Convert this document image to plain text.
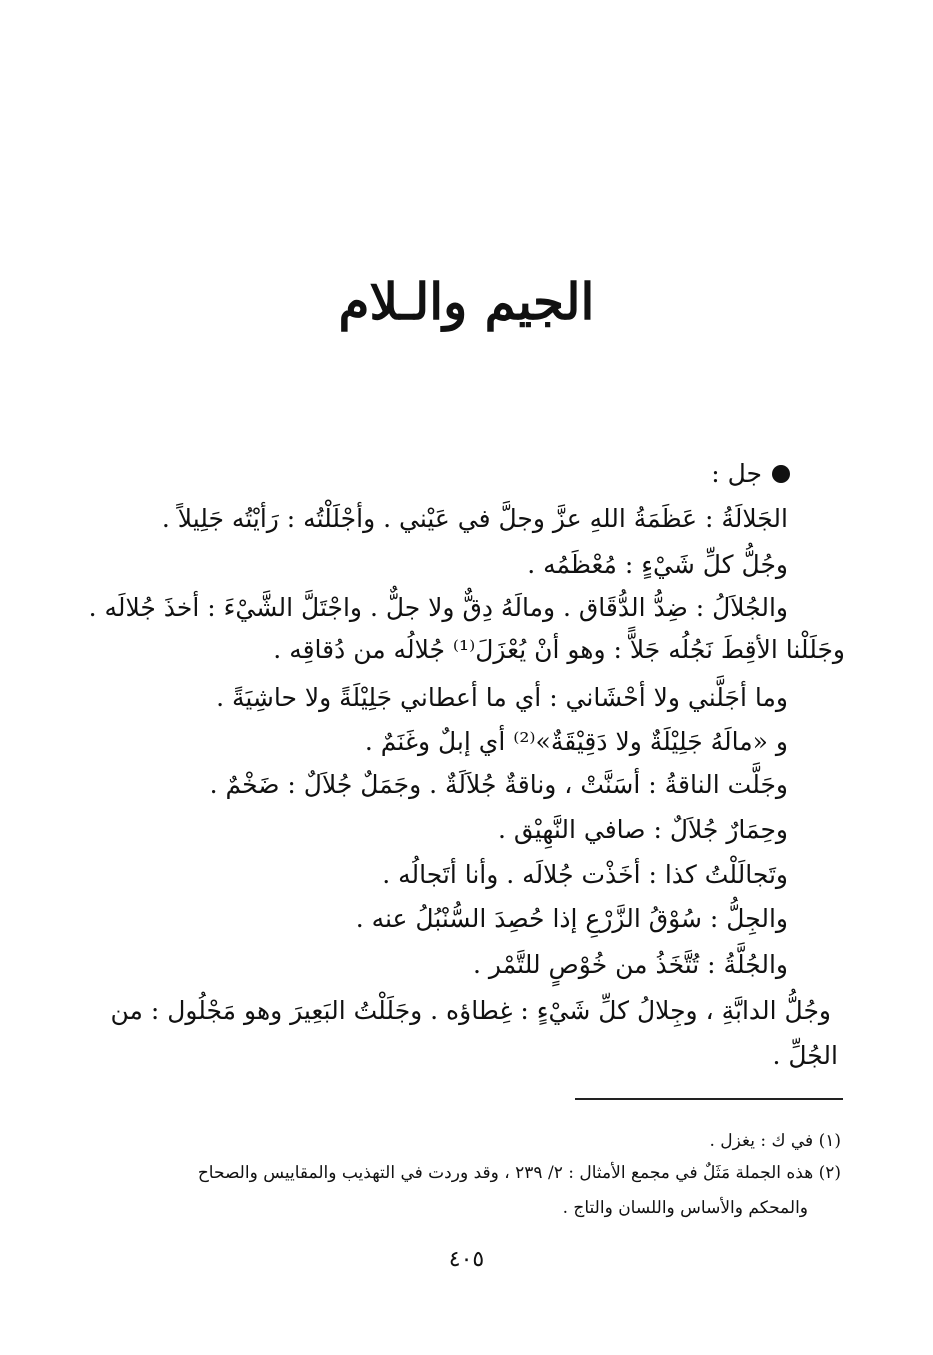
الجيم والـلام
جل :
الجَلالَةُ : عَظَمَةُ اللهِ عزَّ وجلَّ في عَيْني . وأجْلَلْتُه : رَأيْتُه جَلِيلاً .
وجُلُّ كلِّ شَيْءٍ : مُعْظَمُه .
والجُلاَلُ : ضِدُّ الدُّقَاق . ومالَهُ دِقٌّ ولا جلٌّ . واجْتَلَّ الشَّيْءَ : أخذَ جُلالَه .
وجَلَلْنا الأقِطَ نَجُلُه جَلاًّ : وهو أنْ يُعْزَلَ⁽¹⁾ جُلالُه من دُقاقِه .
وما أجَلَّني ولا أحْشَاني : أي ما أعطاني جَلِيْلَةً ولا حاشِيَةً .
و «مالَهُ جَلِيْلَةٌ ولا دَقِيْقَةٌ»⁽²⁾ أي إبلٌ وغَنَمٌ .
وجَلَّت الناقةُ : أسَنَّتْ ، وناقةٌ جُلاَلَةٌ . وجَمَلٌ جُلاَلٌ : ضَخْمٌ .
وحِمَارٌ جُلاَلٌ : صافي النَّهِيْق .
وتَجالَلْتُ كذا : أخَذْت جُلالَه . وأنا أتَجالُه .
والجِلُّ : سُوْقُ الزَّرْعِ إذا حُصِدَ السُّنْبُلُ عنه .
والجُلَّةُ : تُتَّخَذُ من خُوْصٍ للتَّمْر .
وجُلُّ الدابَّةِ ، وجِلالُ كلِّ شَيْءٍ : غِطاؤه . وجَلَلْتُ البَعِيرَ وهو مَجْلُول : من
الجُلِّ .
(١) في ك : يغزل .
(٢) هذه الجملة مَثَلٌ في مجمع الأمثال : ٢/ ٢٣٩ ، وقد وردت في التهذيب والمقاييس والصحاح
والمحكم والأساس واللسان والتاج .
٤٠٥
